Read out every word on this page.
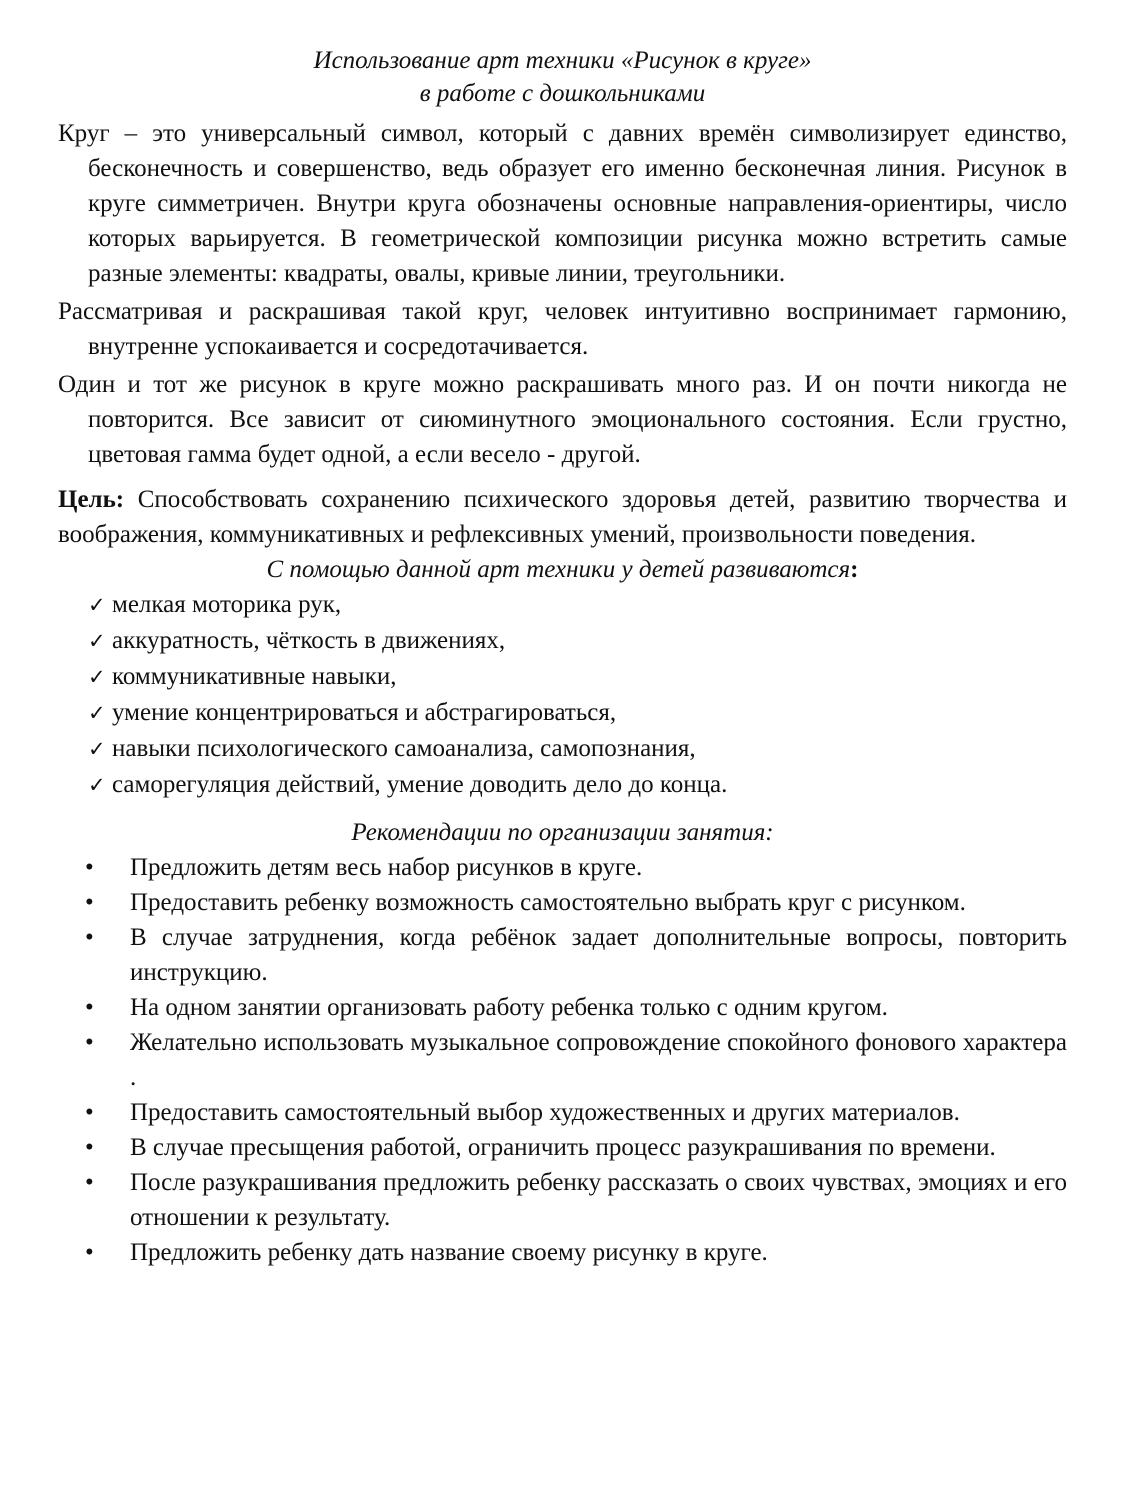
Использование арт техники «Рисунок в круге»
в работе с дошкольниками

Круг – это универсальный символ, который с давних времён символизирует единство, бесконечность и совершенство, ведь образует его именно бесконечная линия. Рисунок в круге симметричен. Внутри круга обозначены основные направления-ориентиры, число которых варьируется. В геометрической композиции рисунка можно встретить самые разные элементы: квадраты, овалы, кривые линии, треугольники.

Рассматривая и раскрашивая такой круг, человек интуитивно воспринимает гармонию, внутренне успокаивается и сосредотачивается.

Один и тот же рисунок в круге можно раскрашивать много раз. И он почти никогда не повторится. Все зависит от сиюминутного эмоционального состояния. Если грустно, цветовая гамма будет одной, а если весело - другой.

Цель: Способствовать сохранению психического здоровья детей, развитию творчества и воображения, коммуникативных и рефлексивных умений, произвольности поведения.

С помощью данной арт техники у детей развиваются:

✓ мелкая моторика рук,
✓ аккуратность, чёткость в движениях,
✓ коммуникативные навыки,
✓ умение концентрироваться и абстрагироваться,
✓ навыки психологического самоанализа, самопознания,
✓ саморегуляция действий, умение доводить дело до конца.

Рекомендации по организации занятия:

• Предложить детям весь набор рисунков в круге.
• Предоставить ребенку возможность самостоятельно выбрать круг с рисунком.
• В случае затруднения, когда ребёнок задает дополнительные вопросы, повторить инструкцию.
• На одном занятии организовать работу ребенка только с одним кругом.
• Желательно использовать музыкальное сопровождение спокойного фонового характера .
• Предоставить самостоятельный выбор художественных и других материалов.
• В случае пресыщения работой, ограничить процесс разукрашивания по времени.
• После разукрашивания предложить ребенку рассказать о своих чувствах, эмоциях и его отношении к результату.
• Предложить ребенку дать название своему рисунку в круге.
